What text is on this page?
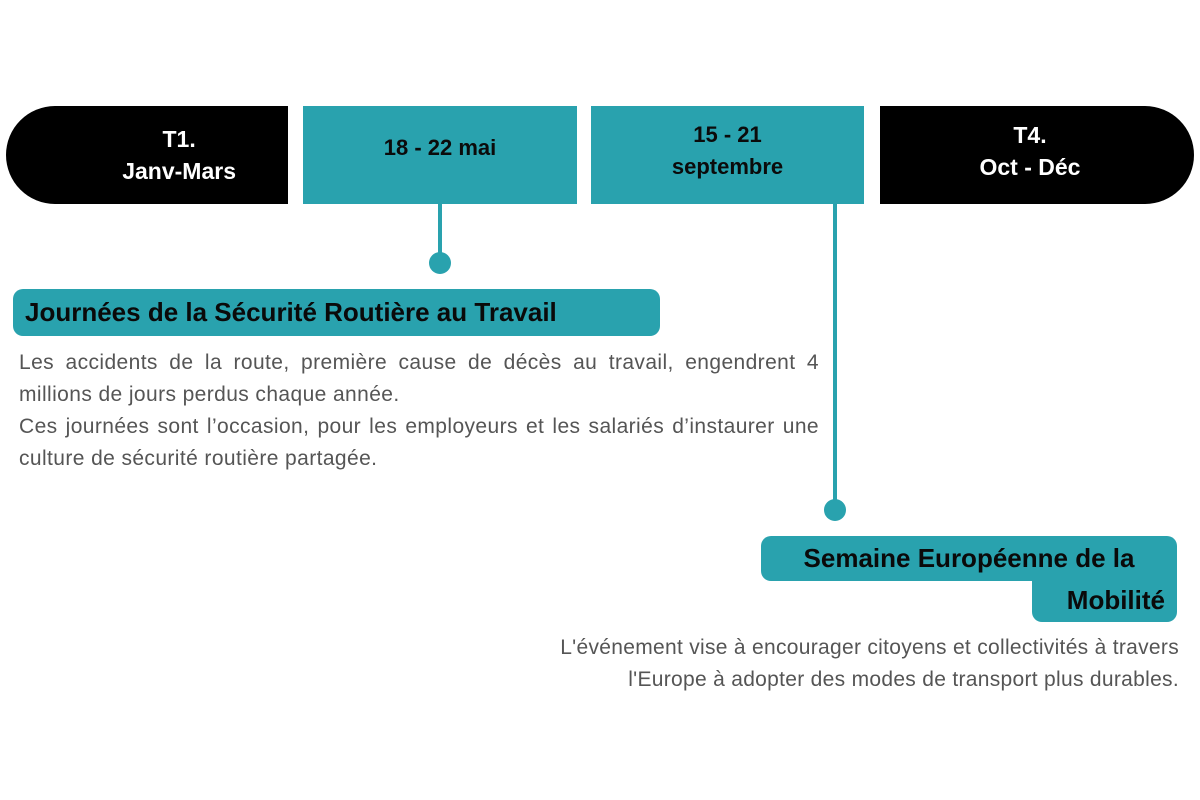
T1.
Janv-Mars
18 - 22 mai
15 - 21
septembre
T4.
Oct - Déc
Journées de la Sécurité Routière au Travail

Les accidents de la route, première cause de décès au travail, engendrent 4 millions de jours perdus chaque année.

Ces journées sont l’occasion, pour les employeurs et les salariés d’instaurer une culture de sécurité routière partagée.

Semaine Européenne de la
Mobilité

L'événement vise à encourager citoyens et collectivités à travers

l'Europe à adopter des modes de transport plus durables.
